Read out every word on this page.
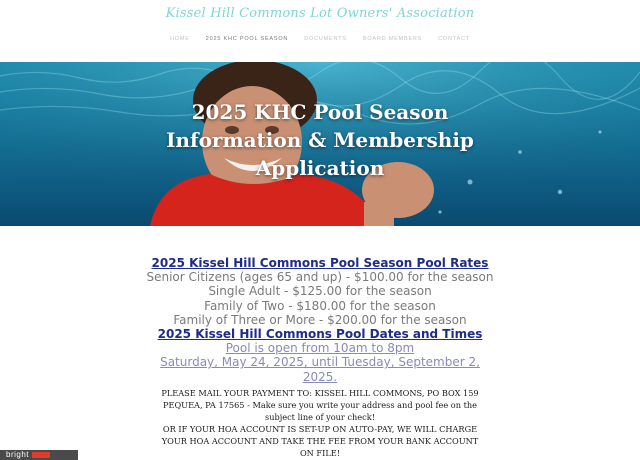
Kissel Hill Commons Lot Owners' Association
HOME	2025 KHC POOL SEASON	DOCUMENTS	BOARD MEMBERS	CONTACT
2025 KHC Pool Season
Information & Membership
Application
2025 Kissel Hill Commons Pool Season Pool Rates
Senior Citizens (ages 65 and up) - $100.00 for the season
Single Adult - $125.00 for the season
Family of Two - $180.00 for the season
Family of Three or More - $200.00 for the season
2025 Kissel Hill Commons Pool Dates and Times
Pool is open from 10am to 8pm
Saturday, May 24, 2025, until Tuesday, September 2,
2025.
PLEASE MAIL YOUR PAYMENT TO: KISSEL HILL COMMONS, PO BOX 159
PEQUEA, PA 17565 - Make sure you write your address and pool fee on the
subject line of your check!
OR IF YOUR HOA ACCOUNT IS SET-UP ON AUTO-PAY, WE WILL CHARGE
YOUR HOA ACCOUNT AND TAKE THE FEE FROM YOUR BANK ACCOUNT
ON FILE!
bright
